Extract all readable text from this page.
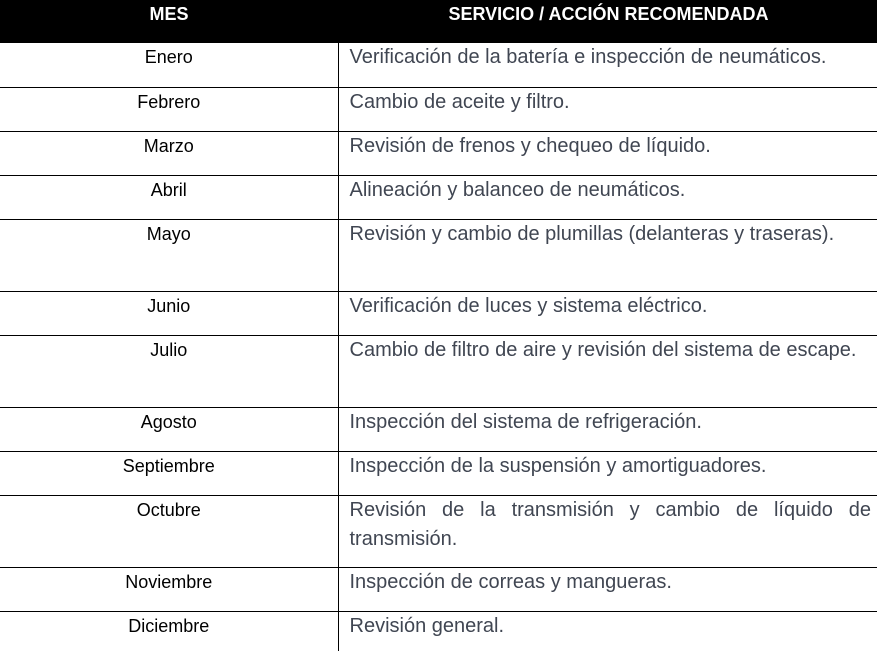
MES	SERVICIO / ACCIÓN RECOMENDADA
Enero	Verificación de la batería e inspección de neumáticos.
Febrero	Cambio de aceite y filtro.
Marzo	Revisión de frenos y chequeo de líquido.
Abril	Alineación y balanceo de neumáticos.
Mayo	Revisión y cambio de plumillas (delanteras y traseras).
Junio	Verificación de luces y sistema eléctrico.
Julio	Cambio de filtro de aire y revisión del sistema de escape.
Agosto	Inspección del sistema de refrigeración.
Septiembre	Inspección de la suspensión y amortiguadores.
Octubre	Revisión de la transmisión y cambio de líquido de transmisión.
Noviembre	Inspección de correas y mangueras.
Diciembre	Revisión general.
